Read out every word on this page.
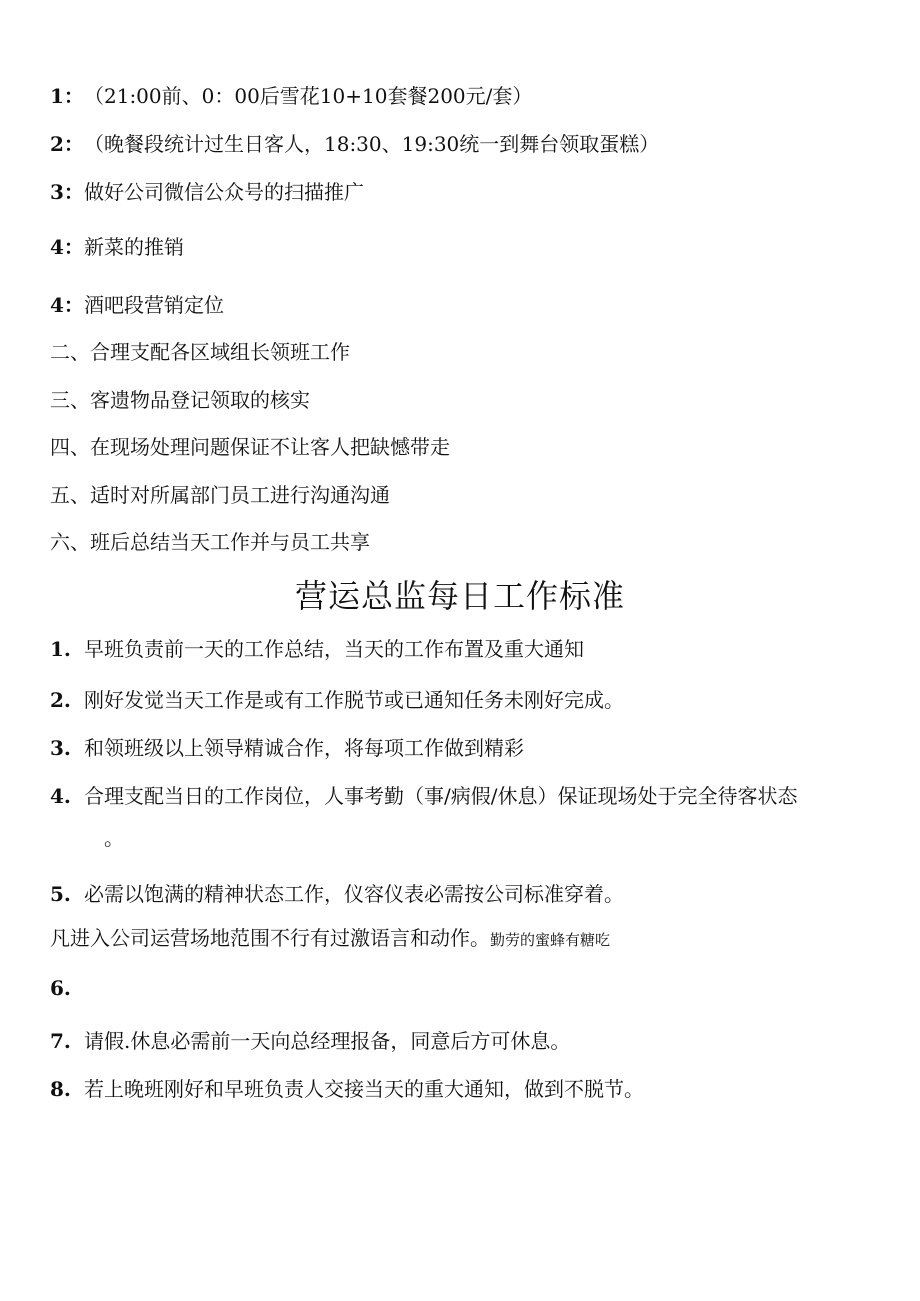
1：（21:00前、0：00后雪花10+10套餐200元/套）
2：（晚餐段统计过生日客人，18:30、19:30统一到舞台领取蛋糕）
3：做好公司微信公众号的扫描推广
4：新菜的推销
4：酒吧段营销定位
二、合理支配各区域组长领班工作
三、客遗物品登记领取的核实
四、在现场处理问题保证不让客人把缺憾带走
五、适时对所属部门员工进行沟通沟通
六、班后总结当天工作并与员工共享
营运总监每日工作标准
1. 早班负责前一天的工作总结，当天的工作布置及重大通知
2. 刚好发觉当天工作是或有工作脱节或已通知任务未刚好完成。
3. 和领班级以上领导精诚合作，将每项工作做到精彩
4. 合理支配当日的工作岗位，人事考勤（事/病假/休息）保证现场处于完全待客状态
。
5. 必需以饱满的精神状态工作，仪容仪表必需按公司标准穿着。
凡进入公司运营场地范围不行有过激语言和动作。勤劳的蜜蜂有糖吃
6.
7. 请假.休息必需前一天向总经理报备，同意后方可休息。
8. 若上晚班刚好和早班负责人交接当天的重大通知，做到不脱节。
